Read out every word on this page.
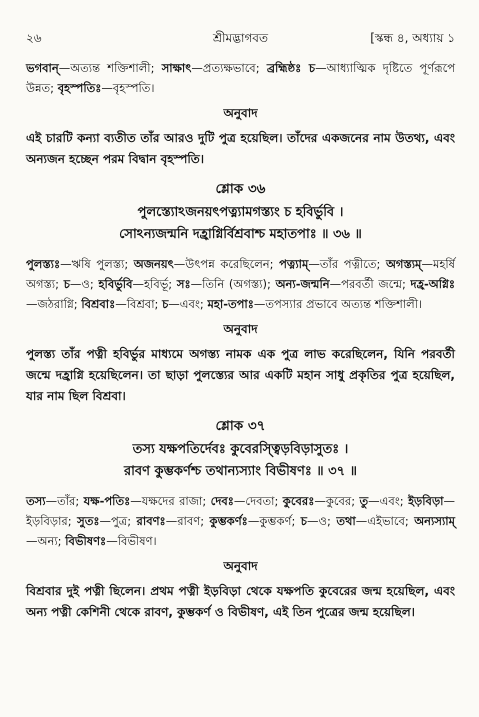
২৬	শ্রীমদ্ভাগবত	[স্কন্ধ ৪, অধ্যায় ১

ভগবান্—অত্যন্ত শক্তিশালী; সাক্ষাৎ—প্রত্যক্ষভাবে; ব্রহ্মিষ্ঠঃ চ—আধ্যাত্মিক দৃষ্টিতে পূর্ণরূপে উন্নত; বৃহস্পতিঃ—বৃহস্পতি।

অনুবাদ

এই চারটি কন্যা ব্যতীত তাঁর আরও দুটি পুত্র হয়েছিল। তাঁদের একজনের নাম উতথ্য, এবং অন্যজন হচ্ছেন পরম বিদ্বান বৃহস্পতি।

শ্লোক ৩৬

পুলস্ত্যোঽজনয়ৎপত্ন্যামগস্ত্যং চ হবির্ভুবি ।

সোঽন্যজন্মনি দহ্রাগ্নির্বিশ্রবাশ্চ মহাতপাঃ ॥ ৩৬ ॥

পুলস্ত্যঃ—ঋষি পুলস্ত্য; অজনয়ৎ—উৎপন্ন করেছিলেন; পত্ন্যাম্—তাঁর পত্নীতে; অগস্ত্যম্—মহর্ষি অগস্ত্য; চ—ও; হবির্ভুবি—হবির্ভূ; সঃ—তিনি (অগস্ত্য); অন্য-জন্মনি—পরবর্তী জন্মে; দহ্র-অগ্নিঃ—জঠরাগ্নি; বিশ্রবাঃ—বিশ্রবা; চ—এবং; মহা-তপাঃ—তপস্যার প্রভাবে অত্যন্ত শক্তিশালী।

অনুবাদ

পুলস্ত্য তাঁর পত্নী হবির্ভুর মাধ্যমে অগস্ত্য নামক এক পুত্র লাভ করেছিলেন, যিনি পরবর্তী জন্মে দহ্রাগ্নি হয়েছিলেন। তা ছাড়া পুলস্ত্যের আর একটি মহান সাধু প্রকৃতির পুত্র হয়েছিল, যার নাম ছিল বিশ্রবা।

শ্লোক ৩৭

তস্য যক্ষপতির্দেবঃ কুবেরস্ত্বিড়বিড়াসুতঃ ।

রাবণ কুম্ভকর্ণশ্চ তথান্যস্যাং বিভীষণঃ ॥ ৩৭ ॥

তস্য—তাঁর; যক্ষ-পতিঃ—যক্ষদের রাজা; দেবঃ—দেবতা; কুবেরঃ—কুবের; তু—এবং; ইড়বিড়া—ইড়বিড়ার; সুতঃ—পুত্র; রাবণঃ—রাবণ; কুম্ভকর্ণঃ—কুম্ভকর্ণ; চ—ও; তথা—এইভাবে; অন্যস্যাম্—অন্য; বিভীষণঃ—বিভীষণ।

অনুবাদ

বিশ্রবার দুই পত্নী ছিলেন। প্রথম পত্নী ইড়বিড়া থেকে যক্ষপতি কুবেরের জন্ম হয়েছিল, এবং অন্য পত্নী কেশিনী থেকে রাবণ, কুম্ভকর্ণ ও বিভীষণ, এই তিন পুত্রের জন্ম হয়েছিল।
